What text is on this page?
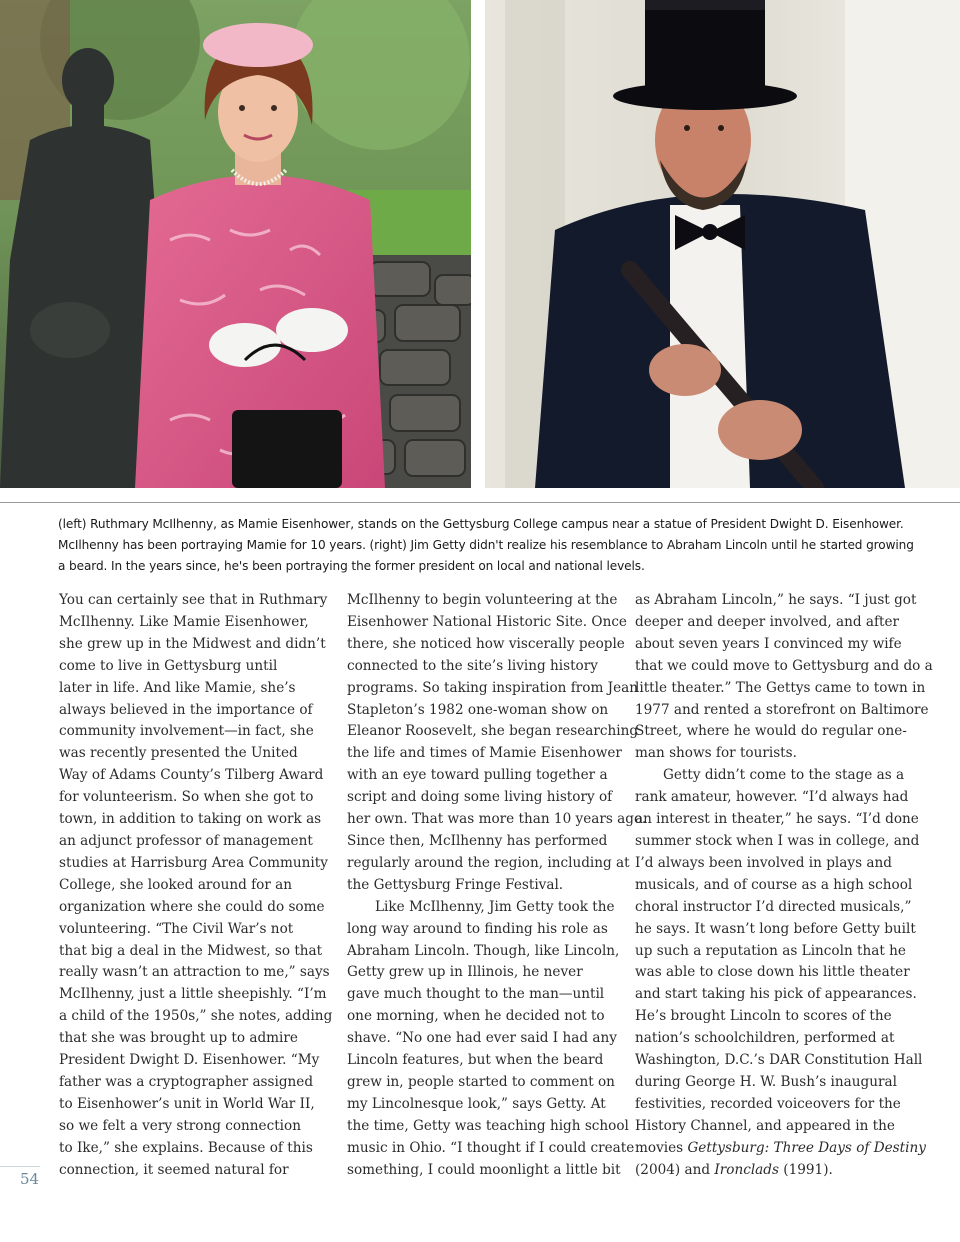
(left) Ruthmary McIlhenny, as Mamie Eisenhower, stands on the Gettysburg College campus near a statue of President Dwight D. Eisenhower.
McIlhenny has been portraying Mamie for 10 years. (right) Jim Getty didn't realize his resemblance to Abraham Lincoln until he started growing
a beard. In the years since, he's been portraying the former president on local and national levels.
You can certainly see that in Ruthmary
McIlhenny. Like Mamie Eisenhower,
she grew up in the Midwest and didn’t
come to live in Gettysburg until
later in life. And like Mamie, she’s
always believed in the importance of
community involvement—in fact, she
was recently presented the United
Way of Adams County’s Tilberg Award
for volunteerism. So when she got to
town, in addition to taking on work as
an adjunct professor of management
studies at Harrisburg Area Community
College, she looked around for an
organization where she could do some
volunteering. “The Civil War’s not
that big a deal in the Midwest, so that
really wasn’t an attraction to me,” says
McIlhenny, just a little sheepishly. “I’m
a child of the 1950s,” she notes, adding
that she was brought up to admire
President Dwight D. Eisenhower. “My
father was a cryptographer assigned
to Eisenhower’s unit in World War II,
so we felt a very strong connection
to Ike,” she explains. Because of this
connection, it seemed natural for
McIlhenny to begin volunteering at the
Eisenhower National Historic Site. Once
there, she noticed how viscerally people
connected to the site’s living history
programs. So taking inspiration from Jean
Stapleton’s 1982 one-woman show on
Eleanor Roosevelt, she began researching
the life and times of Mamie Eisenhower
with an eye toward pulling together a
script and doing some living history of
her own. That was more than 10 years ago.
Since then, McIlhenny has performed
regularly around the region, including at
the Gettysburg Fringe Festival.
Like McIlhenny, Jim Getty took the
long way around to finding his role as
Abraham Lincoln. Though, like Lincoln,
Getty grew up in Illinois, he never
gave much thought to the man—until
one morning, when he decided not to
shave. “No one had ever said I had any
Lincoln features, but when the beard
grew in, people started to comment on
my Lincolnesque look,” says Getty. At
the time, Getty was teaching high school
music in Ohio. “I thought if I could create
something, I could moonlight a little bit
as Abraham Lincoln,” he says. “I just got
deeper and deeper involved, and after
about seven years I convinced my wife
that we could move to Gettysburg and do a
little theater.” The Gettys came to town in
1977 and rented a storefront on Baltimore
Street, where he would do regular one-
man shows for tourists.
Getty didn’t come to the stage as a
rank amateur, however. “I’d always had
an interest in theater,” he says. “I’d done
summer stock when I was in college, and
I’d always been involved in plays and
musicals, and of course as a high school
choral instructor I’d directed musicals,”
he says. It wasn’t long before Getty built
up such a reputation as Lincoln that he
was able to close down his little theater
and start taking his pick of appearances.
He’s brought Lincoln to scores of the
nation’s schoolchildren, performed at
Washington, D.C.’s DAR Constitution Hall
during George H. W. Bush’s inaugural
festivities, recorded voiceovers for the
History Channel, and appeared in the
movies Gettysburg: Three Days of Destiny
(2004) and Ironclads (1991).
54
